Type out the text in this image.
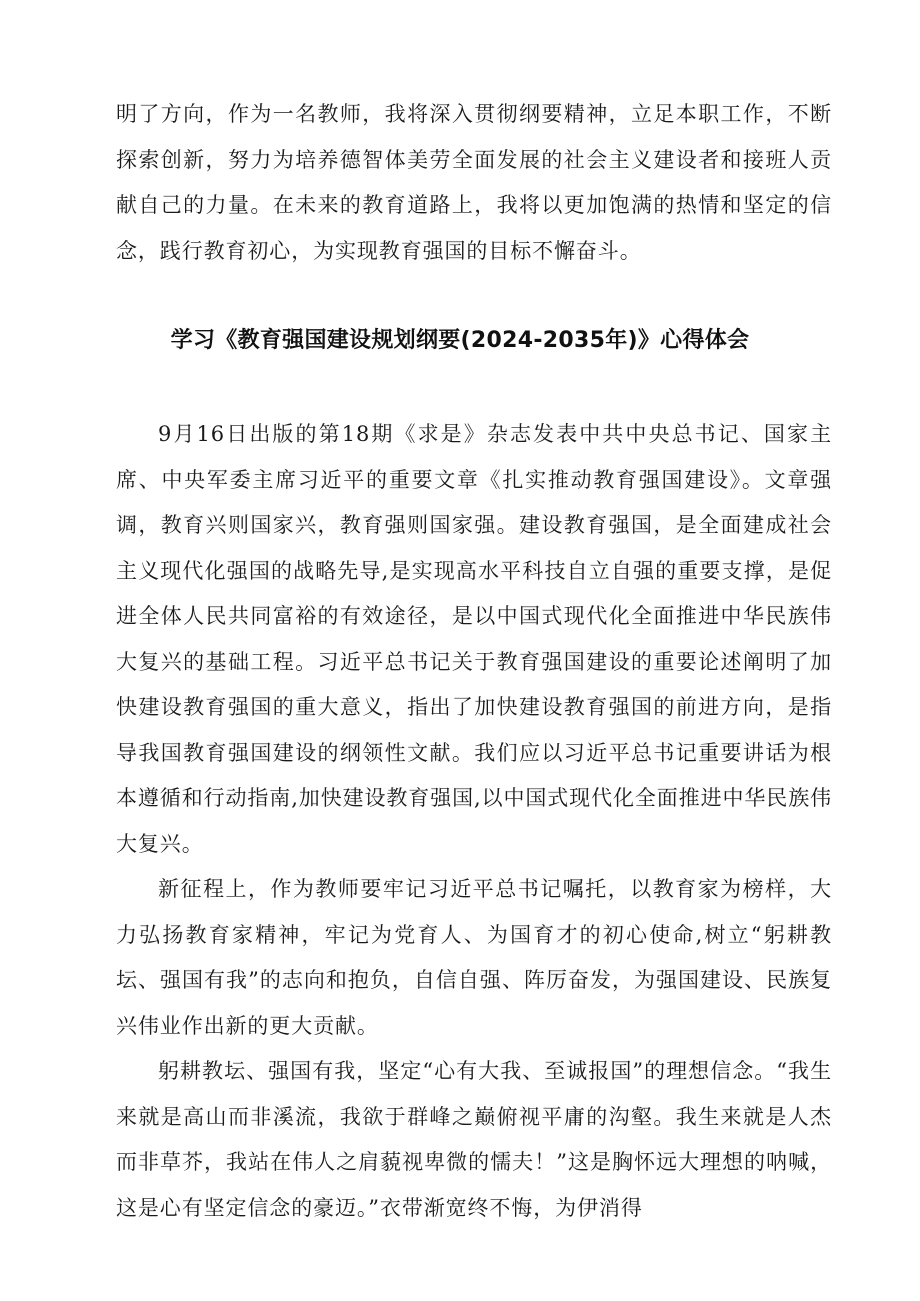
明了方向，作为一名教师，我将深入贯彻纲要精神，立足本职工作，不断探索创新，努力为培养德智体美劳全面发展的社会主义建设者和接班人贡献自己的力量。在未来的教育道路上，我将以更加饱满的热情和坚定的信念，践行教育初心，为实现教育强国的目标不懈奋斗。

学习《教育强国建设规划纲要(2024-2035年)》心得体会

9月16日出版的第18期《求是》杂志发表中共中央总书记、国家主席、中央军委主席习近平的重要文章《扎实推动教育强国建设》。文章强调，教育兴则国家兴，教育强则国家强。建设教育强国，是全面建成社会主义现代化强国的战略先导,是实现高水平科技自立自强的重要支撑，是促进全体人民共同富裕的有效途径，是以中国式现代化全面推进中华民族伟大复兴的基础工程。习近平总书记关于教育强国建设的重要论述阐明了加快建设教育强国的重大意义，指出了加快建设教育强国的前进方向，是指导我国教育强国建设的纲领性文献。我们应以习近平总书记重要讲话为根本遵循和行动指南,加快建设教育强国,以中国式现代化全面推进中华民族伟大复兴。

新征程上，作为教师要牢记习近平总书记嘱托，以教育家为榜样，大力弘扬教育家精神，牢记为党育人、为国育才的初心使命,树立“躬耕教坛、强国有我”的志向和抱负，自信自强、阵厉奋发，为强国建设、民族复兴伟业作出新的更大贡献。

躬耕教坛、强国有我，坚定“心有大我、至诚报国”的理想信念。“我生来就是高山而非溪流，我欲于群峰之巅俯视平庸的沟壑。我生来就是人杰而非草芥，我站在伟人之肩藐视卑微的懦夫！”这是胸怀远大理想的呐喊，这是心有坚定信念的豪迈。”衣带渐宽终不悔，为伊消得
